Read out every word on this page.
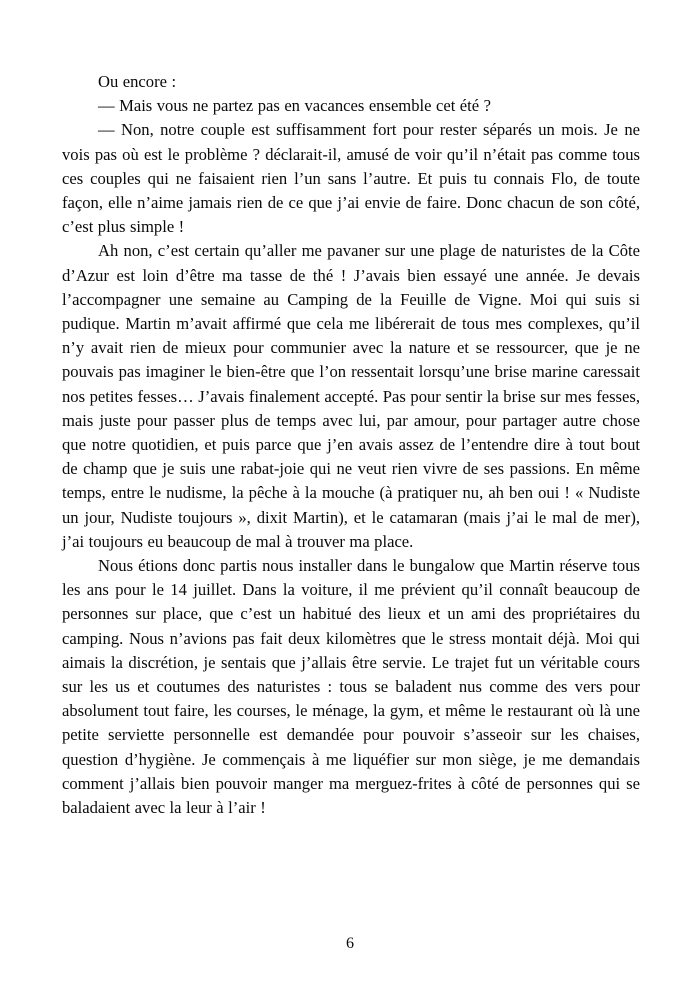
Ou encore :

— Mais vous ne partez pas en vacances ensemble cet été ?

— Non, notre couple est suffisamment fort pour rester séparés un mois. Je ne vois pas où est le problème ? déclarait-il, amusé de voir qu’il n’était pas comme tous ces couples qui ne faisaient rien l’un sans l’autre. Et puis tu connais Flo, de toute façon, elle n’aime jamais rien de ce que j’ai envie de faire. Donc chacun de son côté, c’est plus simple !

Ah non, c’est certain qu’aller me pavaner sur une plage de naturistes de la Côte d’Azur est loin d’être ma tasse de thé ! J’avais bien essayé une année. Je devais l’accompagner une semaine au Camping de la Feuille de Vigne. Moi qui suis si pudique. Martin m’avait affirmé que cela me libérerait de tous mes complexes, qu’il n’y avait rien de mieux pour communier avec la nature et se ressourcer, que je ne pouvais pas imaginer le bien-être que l’on ressentait lorsqu’une brise marine caressait nos petites fesses… J’avais finalement accepté. Pas pour sentir la brise sur mes fesses, mais juste pour passer plus de temps avec lui, par amour, pour partager autre chose que notre quotidien, et puis parce que j’en avais assez de l’entendre dire à tout bout de champ que je suis une rabat-joie qui ne veut rien vivre de ses passions. En même temps, entre le nudisme, la pêche à la mouche (à pratiquer nu, ah ben oui ! « Nudiste un jour, Nudiste toujours », dixit Martin), et le catamaran (mais j’ai le mal de mer), j’ai toujours eu beaucoup de mal à trouver ma place.

Nous étions donc partis nous installer dans le bungalow que Martin réserve tous les ans pour le 14 juillet. Dans la voiture, il me prévient qu’il connaît beaucoup de personnes sur place, que c’est un habitué des lieux et un ami des propriétaires du camping. Nous n’avions pas fait deux kilomètres que le stress montait déjà. Moi qui aimais la discrétion, je sentais que j’allais être servie. Le trajet fut un véritable cours sur les us et coutumes des naturistes : tous se baladent nus comme des vers pour absolument tout faire, les courses, le ménage, la gym, et même le restaurant où là une petite serviette personnelle est demandée pour pouvoir s’asseoir sur les chaises, question d’hygiène. Je commençais à me liquéfier sur mon siège, je me demandais comment j’allais bien pouvoir manger ma merguez-frites à côté de personnes qui se baladaient avec la leur à l’air !

6
